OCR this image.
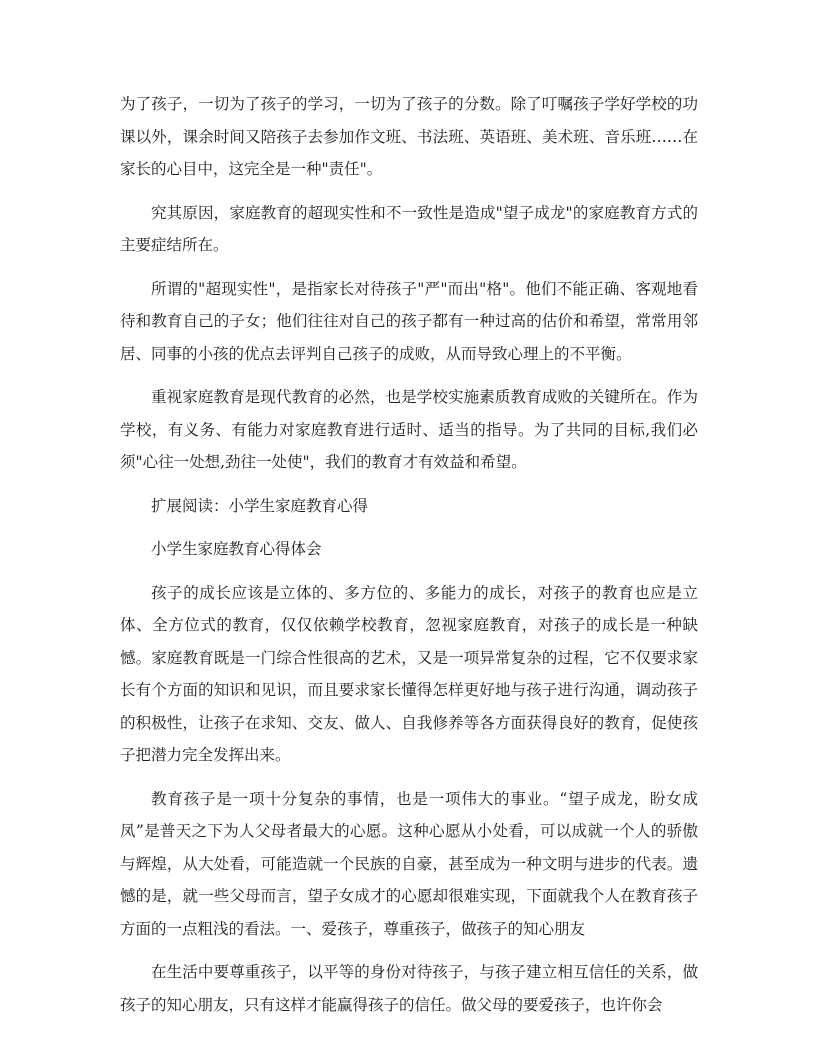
为了孩子，一切为了孩子的学习，一切为了孩子的分数。除了叮嘱孩子学好学校的功课以外，课余时间又陪孩子去参加作文班、书法班、英语班、美术班、音乐班……在家长的心目中，这完全是一种"责任"。

究其原因，家庭教育的超现实性和不一致性是造成"望子成龙"的家庭教育方式的主要症结所在。

所谓的"超现实性"，是指家长对待孩子"严"而出"格"。他们不能正确、客观地看待和教育自己的子女；他们往往对自己的孩子都有一种过高的估价和希望，常常用邻居、同事的小孩的优点去评判自己孩子的成败，从而导致心理上的不平衡。

重视家庭教育是现代教育的必然，也是学校实施素质教育成败的关键所在。作为学校，有义务、有能力对家庭教育进行适时、适当的指导。为了共同的目标,我们必须"心往一处想,劲往一处使"，我们的教育才有效益和希望。

扩展阅读：小学生家庭教育心得

小学生家庭教育心得体会

孩子的成长应该是立体的、多方位的、多能力的成长，对孩子的教育也应是立体、全方位式的教育，仅仅依赖学校教育，忽视家庭教育，对孩子的成长是一种缺憾。家庭教育既是一门综合性很高的艺术，又是一项异常复杂的过程，它不仅要求家长有个方面的知识和见识，而且要求家长懂得怎样更好地与孩子进行沟通，调动孩子的积极性，让孩子在求知、交友、做人、自我修养等各方面获得良好的教育，促使孩子把潜力完全发挥出来。

教育孩子是一项十分复杂的事情，也是一项伟大的事业。“望子成龙，盼女成凤”是普天之下为人父母者最大的心愿。这种心愿从小处看，可以成就一个人的骄傲与辉煌，从大处看，可能造就一个民族的自豪，甚至成为一种文明与进步的代表。遗憾的是，就一些父母而言，望子女成才的心愿却很难实现，下面就我个人在教育孩子方面的一点粗浅的看法。一、爱孩子，尊重孩子，做孩子的知心朋友

在生活中要尊重孩子，以平等的身份对待孩子，与孩子建立相互信任的关系，做孩子的知心朋友，只有这样才能赢得孩子的信任。做父母的要爱孩子，也许你会
